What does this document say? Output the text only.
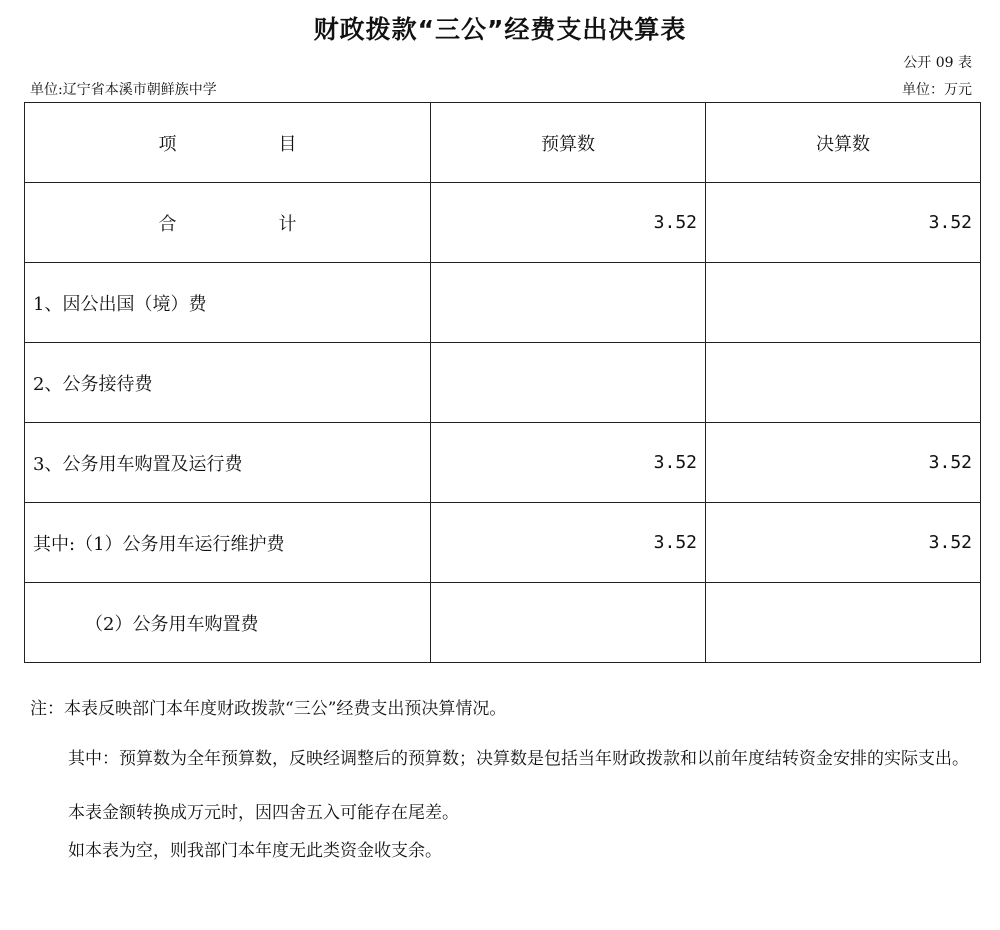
财政拨款“三公”经费支出决算表
公开 09 表
单位:辽宁省本溪市朝鲜族中学	单位：万元
项　目	预算数	决算数
合　计	3.52	3.52
1、因公出国（境）费		
2、公务接待费		
3、公务用车购置及运行费	3.52	3.52
其中:（1）公务用车运行维护费	3.52	3.52
（2）公务用车购置费		

注：本表反映部门本年度财政拨款“三公”经费支出预决算情况。

其中：预算数为全年预算数，反映经调整后的预算数；决算数是包括当年财政拨款和以前年度结转资金安排的实际支出。

本表金额转换成万元时，因四舍五入可能存在尾差。

如本表为空，则我部门本年度无此类资金收支余。
